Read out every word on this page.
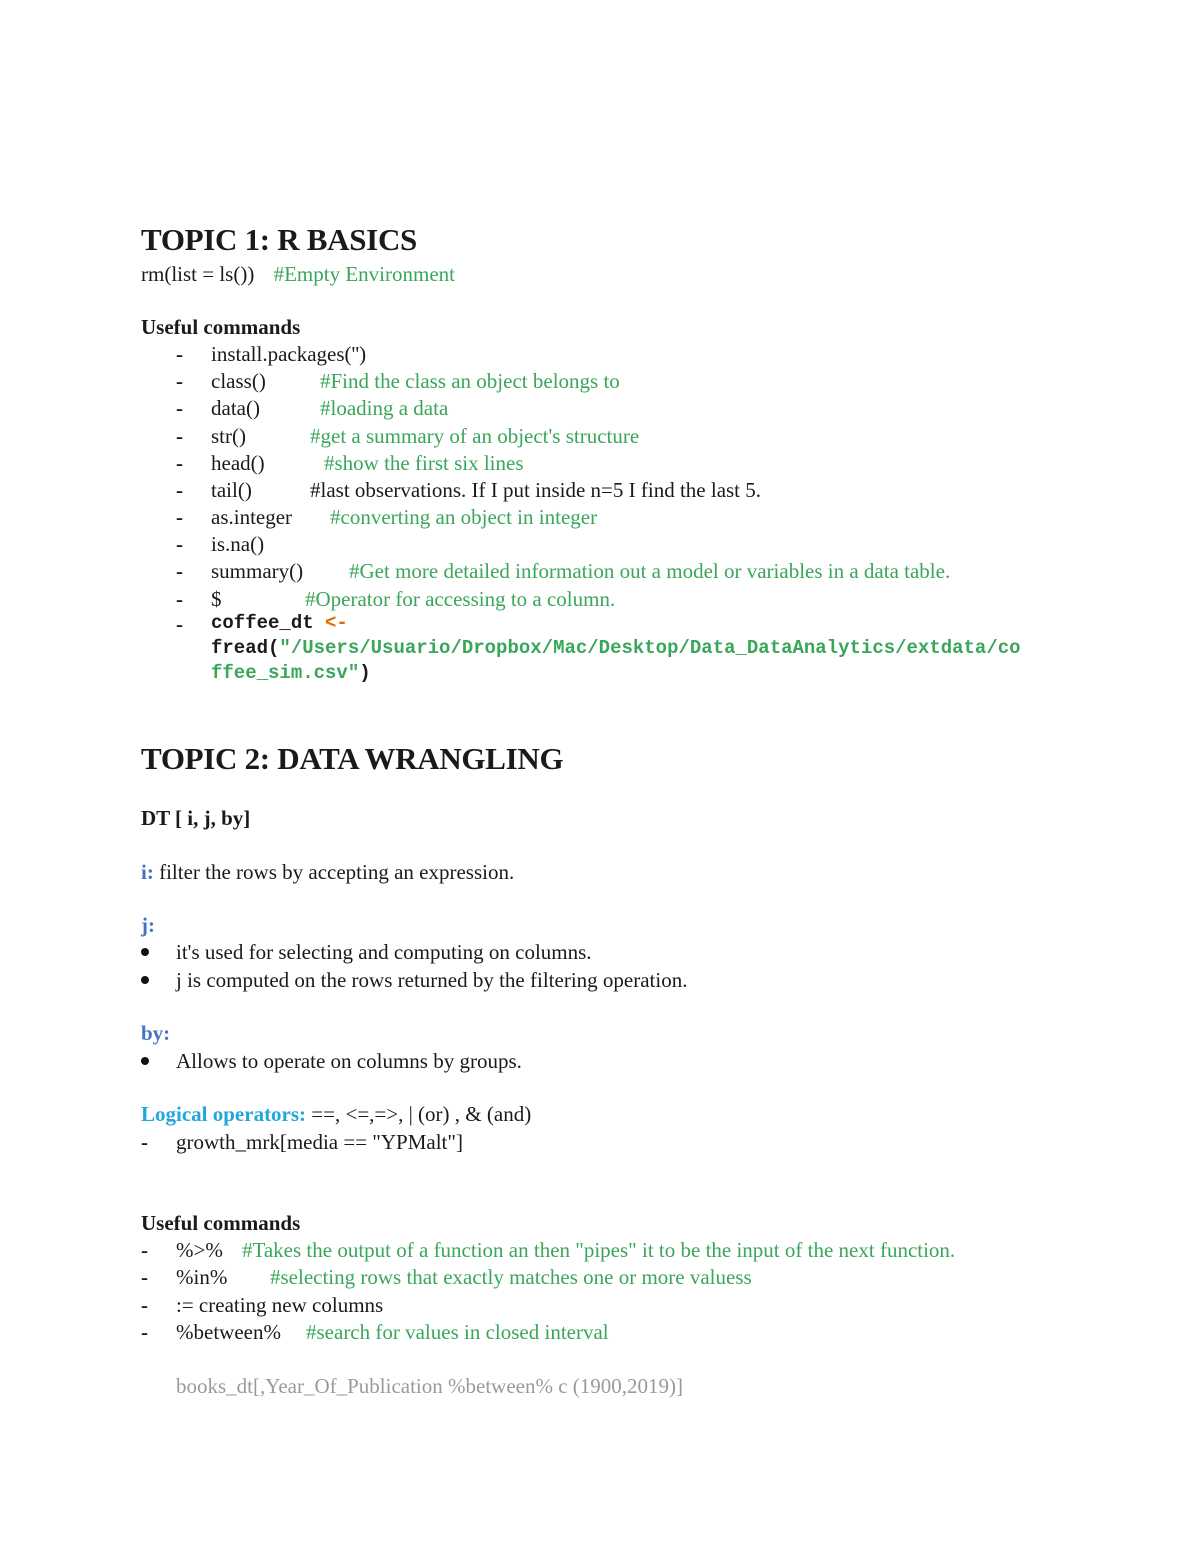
TOPIC 1: R BASICS
rm(list = ls()) #Empty Environment
Useful commands
- install.packages('')
- class()	#Find the class an object belongs to
- data()	#loading a data
- str()	#get a summary of an object's structure
- head()	#show the first six lines
- tail()	#last observations. If I put inside n=5 I find the last 5.
- as.integer #converting an object in integer
- is.na()
- summary() #Get more detailed information out a model or variables in a data table.
- $	#Operator for accessing to a column.
- coffee_dt <-
fread("/Users/Usuario/Dropbox/Mac/Desktop/Data_DataAnalytics/extdata/co
ffee_sim.csv")
TOPIC 2: DATA WRANGLING
DT [ i, j, by]
i: filter the rows by accepting an expression.
j:
it's used for selecting and computing on columns.
j is computed on the rows returned by the filtering operation.
by:
Allows to operate on columns by groups.
Logical operators: ==, <=,=>, | (or) , & (and)
- growth_mrk[media == "YPMalt"]
Useful commands
- %>% #Takes the output of a function an then "pipes" it to be the input of the next function.
- %in% #selecting rows that exactly matches one or more valuess
- := creating new columns
- %between% #search for values in closed interval
books_dt[,Year_Of_Publication %between% c (1900,2019)]
